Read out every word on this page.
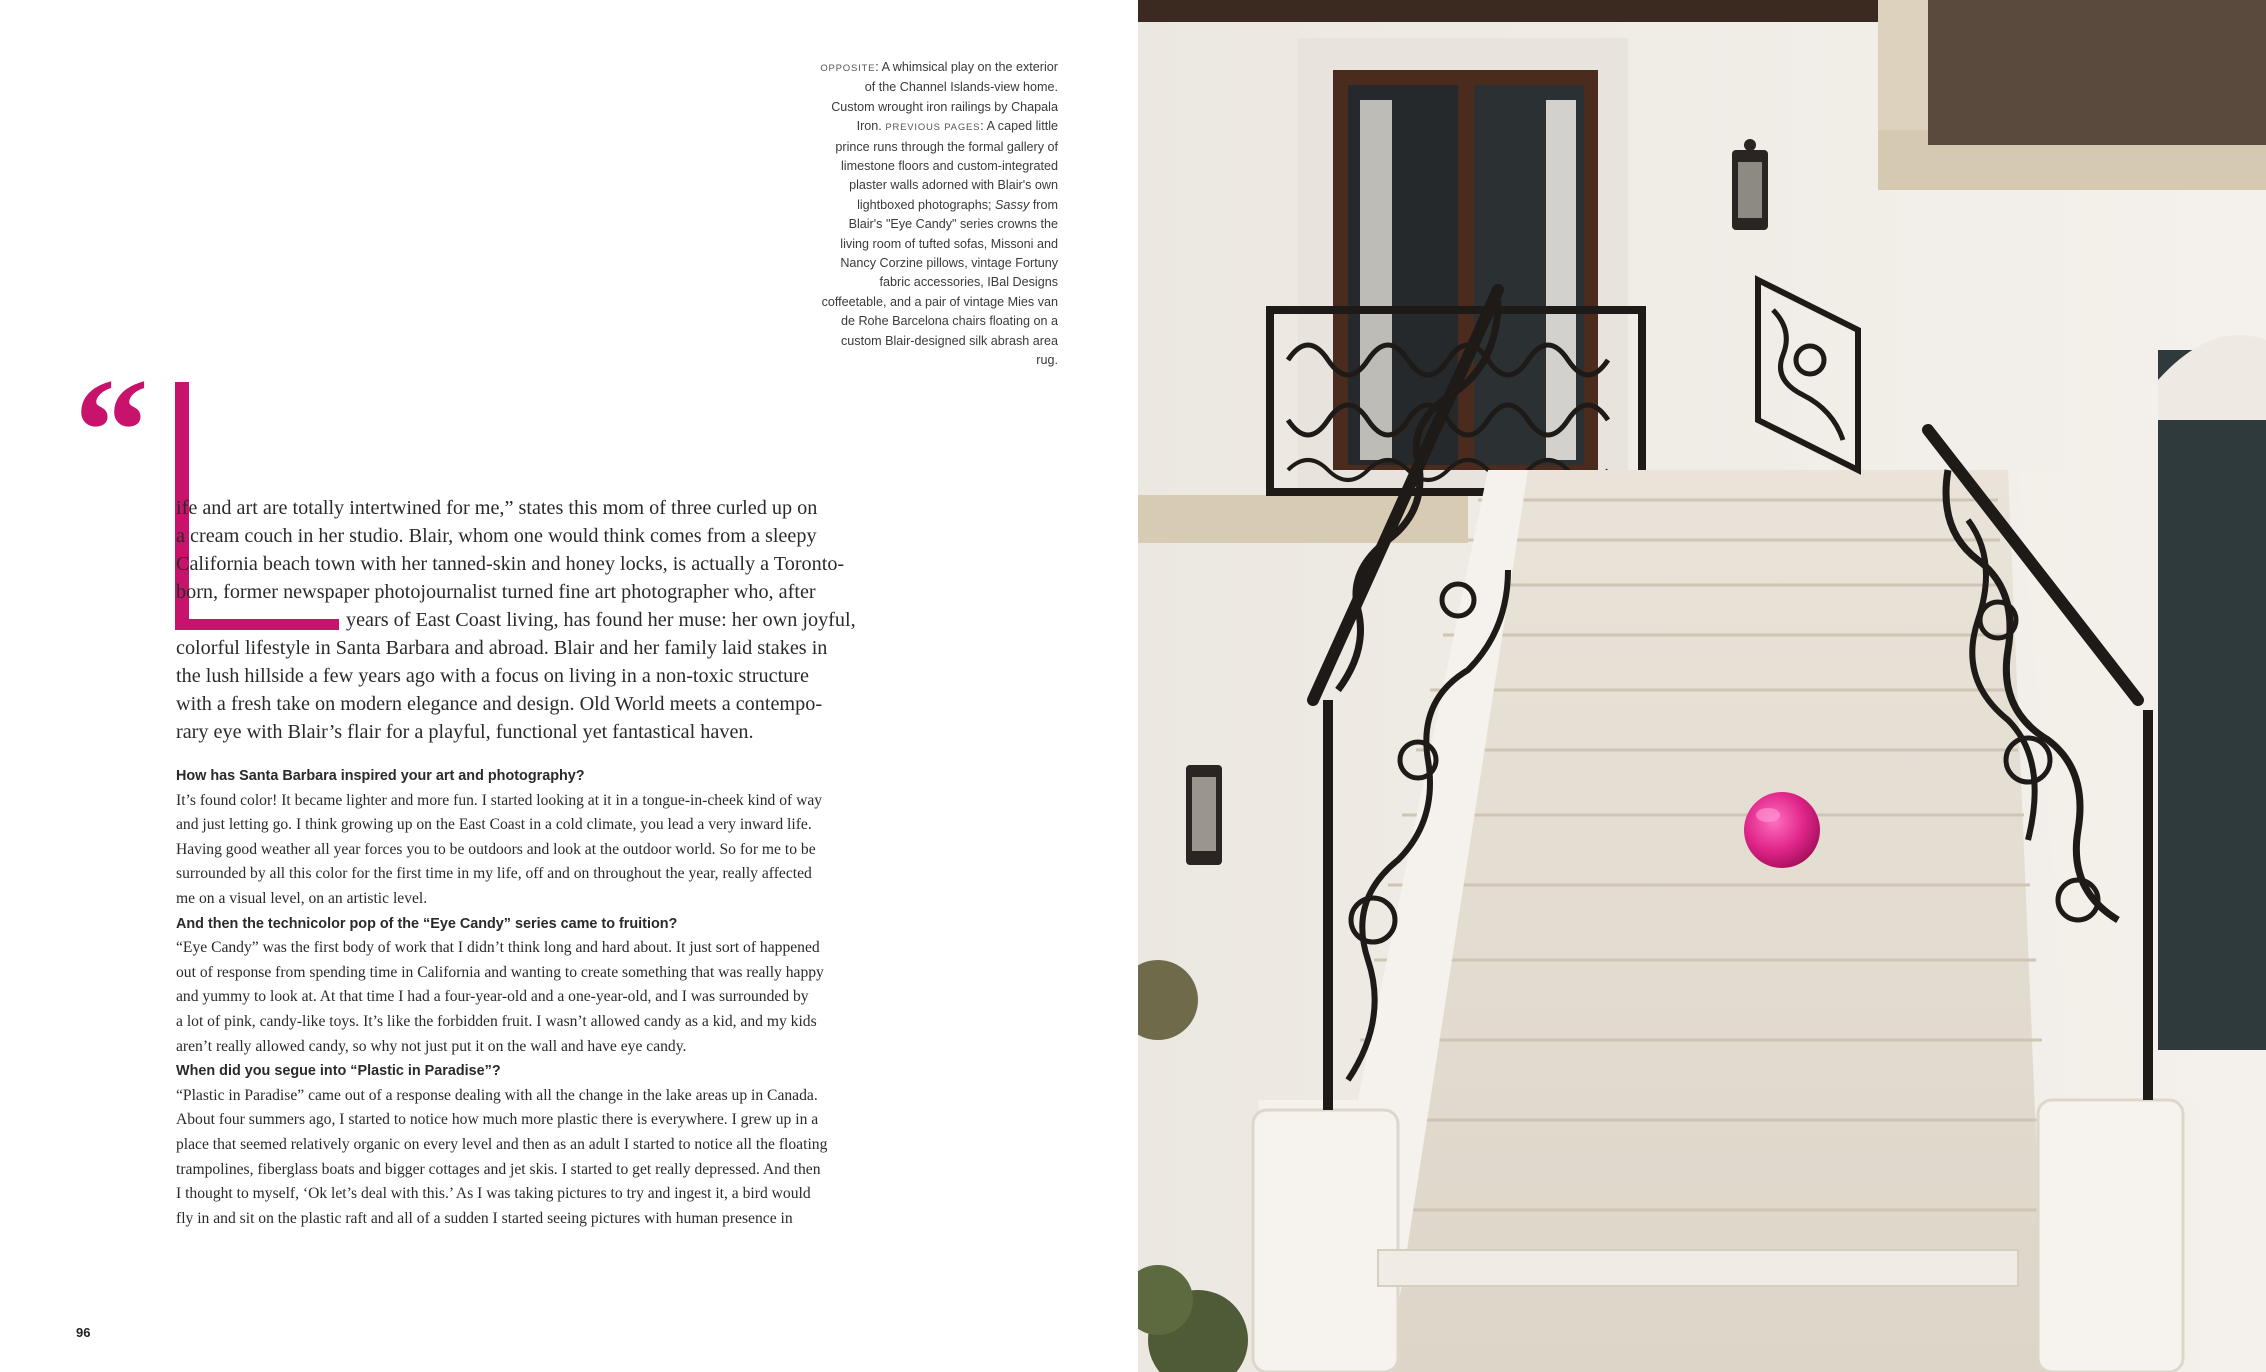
OPPOSITE: A whimsical play on the exterior of the Channel Islands-view home. Custom wrought iron railings by Chapala Iron. PREVIOUS PAGES: A caped little prince runs through the formal gallery of limestone floors and custom-integrated plaster walls adorned with Blair's own lightboxed photographs; Sassy from Blair's "Eye Candy" series crowns the living room of tufted sofas, Missoni and Nancy Corzine pillows, vintage Fortuny fabric accessories, IBal Designs coffeetable, and a pair of vintage Mies van de Rohe Barcelona chairs floating on a custom Blair-designed silk abrash area rug.
“ ife and art are totally intertwined for me,” states this mom of three curled up on
a cream couch in her studio. Blair, whom one would think comes from a sleepy
California beach town with her tanned-skin and honey locks, is actually a Toronto-
born, former newspaper photojournalist turned fine art photographer who, after
years of East Coast living, has found her muse: her own joyful,
colorful lifestyle in Santa Barbara and abroad. Blair and her family laid stakes in
the lush hillside a few years ago with a focus on living in a non-toxic structure
with a fresh take on modern elegance and design. Old World meets a contempo-
rary eye with Blair’s flair for a playful, functional yet fantastical haven.
How has Santa Barbara inspired your art and photography?
It’s found color! It became lighter and more fun. I started looking at it in a tongue-in-cheek kind of way
and just letting go. I think growing up on the East Coast in a cold climate, you lead a very inward life.
Having good weather all year forces you to be outdoors and look at the outdoor world. So for me to be
surrounded by all this color for the first time in my life, off and on throughout the year, really affected
me on a visual level, on an artistic level.
And then the technicolor pop of the “Eye Candy” series came to fruition?
“Eye Candy” was the first body of work that I didn’t think long and hard about. It just sort of happened
out of response from spending time in California and wanting to create something that was really happy
and yummy to look at. At that time I had a four-year-old and a one-year-old, and I was surrounded by
a lot of pink, candy-like toys. It’s like the forbidden fruit. I wasn’t allowed candy as a kid, and my kids
aren’t really allowed candy, so why not just put it on the wall and have eye candy.
When did you segue into “Plastic in Paradise”?
“Plastic in Paradise” came out of a response dealing with all the change in the lake areas up in Canada.
About four summers ago, I started to notice how much more plastic there is everywhere. I grew up in a
place that seemed relatively organic on every level and then as an adult I started to notice all the floating
trampolines, fiberglass boats and bigger cottages and jet skis. I started to get really depressed. And then
I thought to myself, ‘Ok let’s deal with this.’ As I was taking pictures to try and ingest it, a bird would
fly in and sit on the plastic raft and all of a sudden I started seeing pictures with human presence in
96
